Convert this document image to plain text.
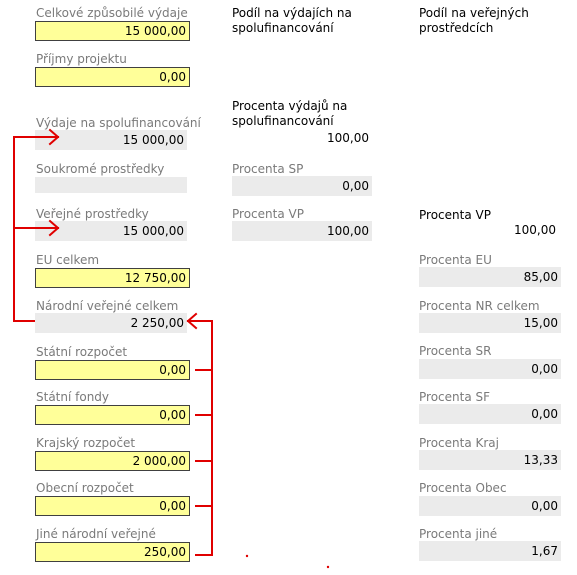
Celkové způsobilé výdaje
15 000,00
Příjmy projektu
0,00
Výdaje na spolufinancování
15 000,00
Soukromé prostředky
Veřejné prostředky
15 000,00
EU celkem
12 750,00
Národní veřejné celkem
2 250,00
Státní rozpočet
0,00
Státní fondy
0,00
Krajský rozpočet
2 000,00
Obecní rozpočet
0,00
Jiné národní veřejné
250,00
Podíl na výdajích na
spolufinancování
Procenta výdajů na
spolufinancování
100,00
Procenta SP
0,00
Procenta VP
100,00
Podíl na veřejných
prostředcích
Procenta VP
100,00
Procenta EU
85,00
Procenta NR celkem
15,00
Procenta SR
0,00
Procenta SF
0,00
Procenta Kraj
13,33
Procenta Obec
0,00
Procenta jiné
1,67
